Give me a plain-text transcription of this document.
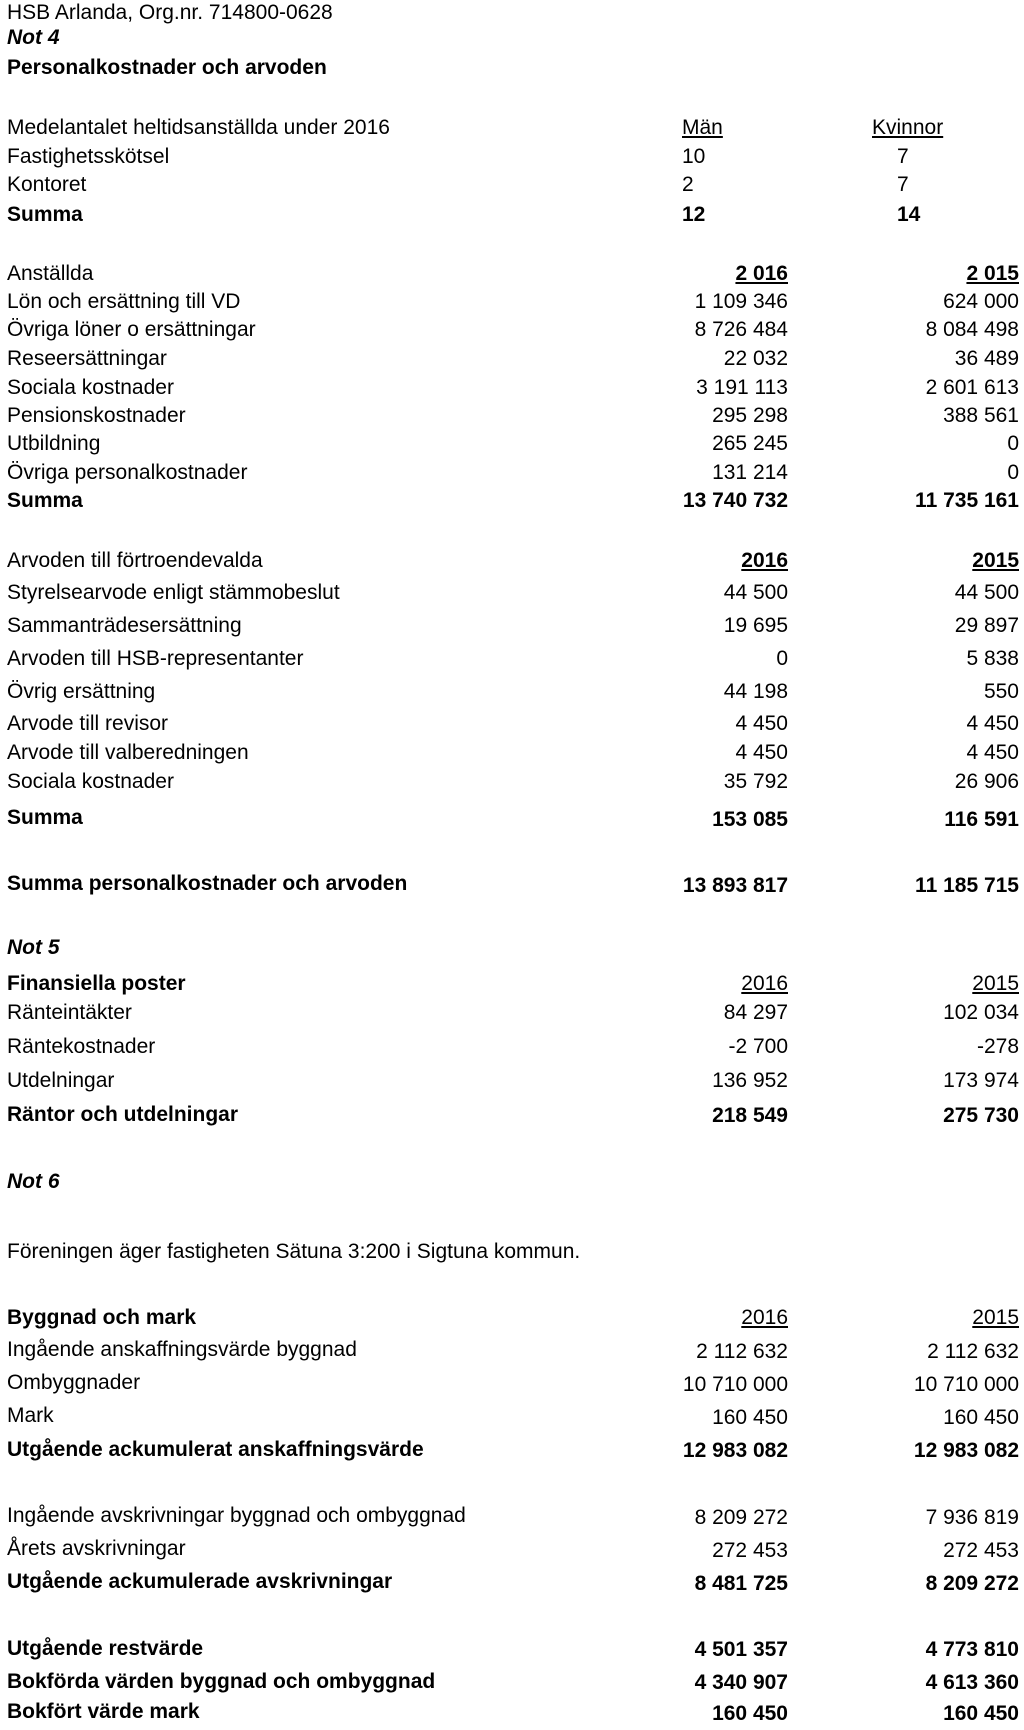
HSB Arlanda, Org.nr. 714800-0628
Not 4
Personalkostnader och arvoden
Medelantalet heltidsanställda under 2016	Män	Kvinnor
Fastighetsskötsel	10	7
Kontoret	2	7
Summa	12	14
Anställda	2 016	2 015
Lön och ersättning till VD	1 109 346	624 000
Övriga löner o ersättningar	8 726 484	8 084 498
Reseersättningar	22 032	36 489
Sociala kostnader	3 191 113	2 601 613
Pensionskostnader	295 298	388 561
Utbildning	265 245	0
Övriga personalkostnader	131 214	0
Summa	13 740 732	11 735 161
Arvoden till förtroendevalda	2016	2015
Styrelsearvode enligt stämmobeslut	44 500	44 500
Sammanträdesersättning	19 695	29 897
Arvoden till HSB-representanter	0	5 838
Övrig ersättning	44 198	550
Arvode till revisor	4 450	4 450
Arvode till valberedningen	4 450	4 450
Sociala kostnader	35 792	26 906
Summa	153 085	116 591
Summa personalkostnader och arvoden	13 893 817	11 185 715
Not 5
Finansiella poster	2016	2015
Ränteintäkter	84 297	102 034
Räntekostnader	-2 700	-278
Utdelningar	136 952	173 974
Räntor och utdelningar	218 549	275 730
Not 6
Föreningen äger fastigheten Sätuna 3:200 i Sigtuna kommun.
Byggnad och mark	2016	2015
Ingående anskaffningsvärde byggnad	2 112 632	2 112 632
Ombyggnader	10 710 000	10 710 000
Mark	160 450	160 450
Utgående ackumulerat anskaffningsvärde	12 983 082	12 983 082
Ingående avskrivningar byggnad och ombyggnad	8 209 272	7 936 819
Årets avskrivningar	272 453	272 453
Utgående ackumulerade avskrivningar	8 481 725	8 209 272
Utgående restvärde	4 501 357	4 773 810
Bokförda värden byggnad och ombyggnad	4 340 907	4 613 360
Bokfört värde mark	160 450	160 450
